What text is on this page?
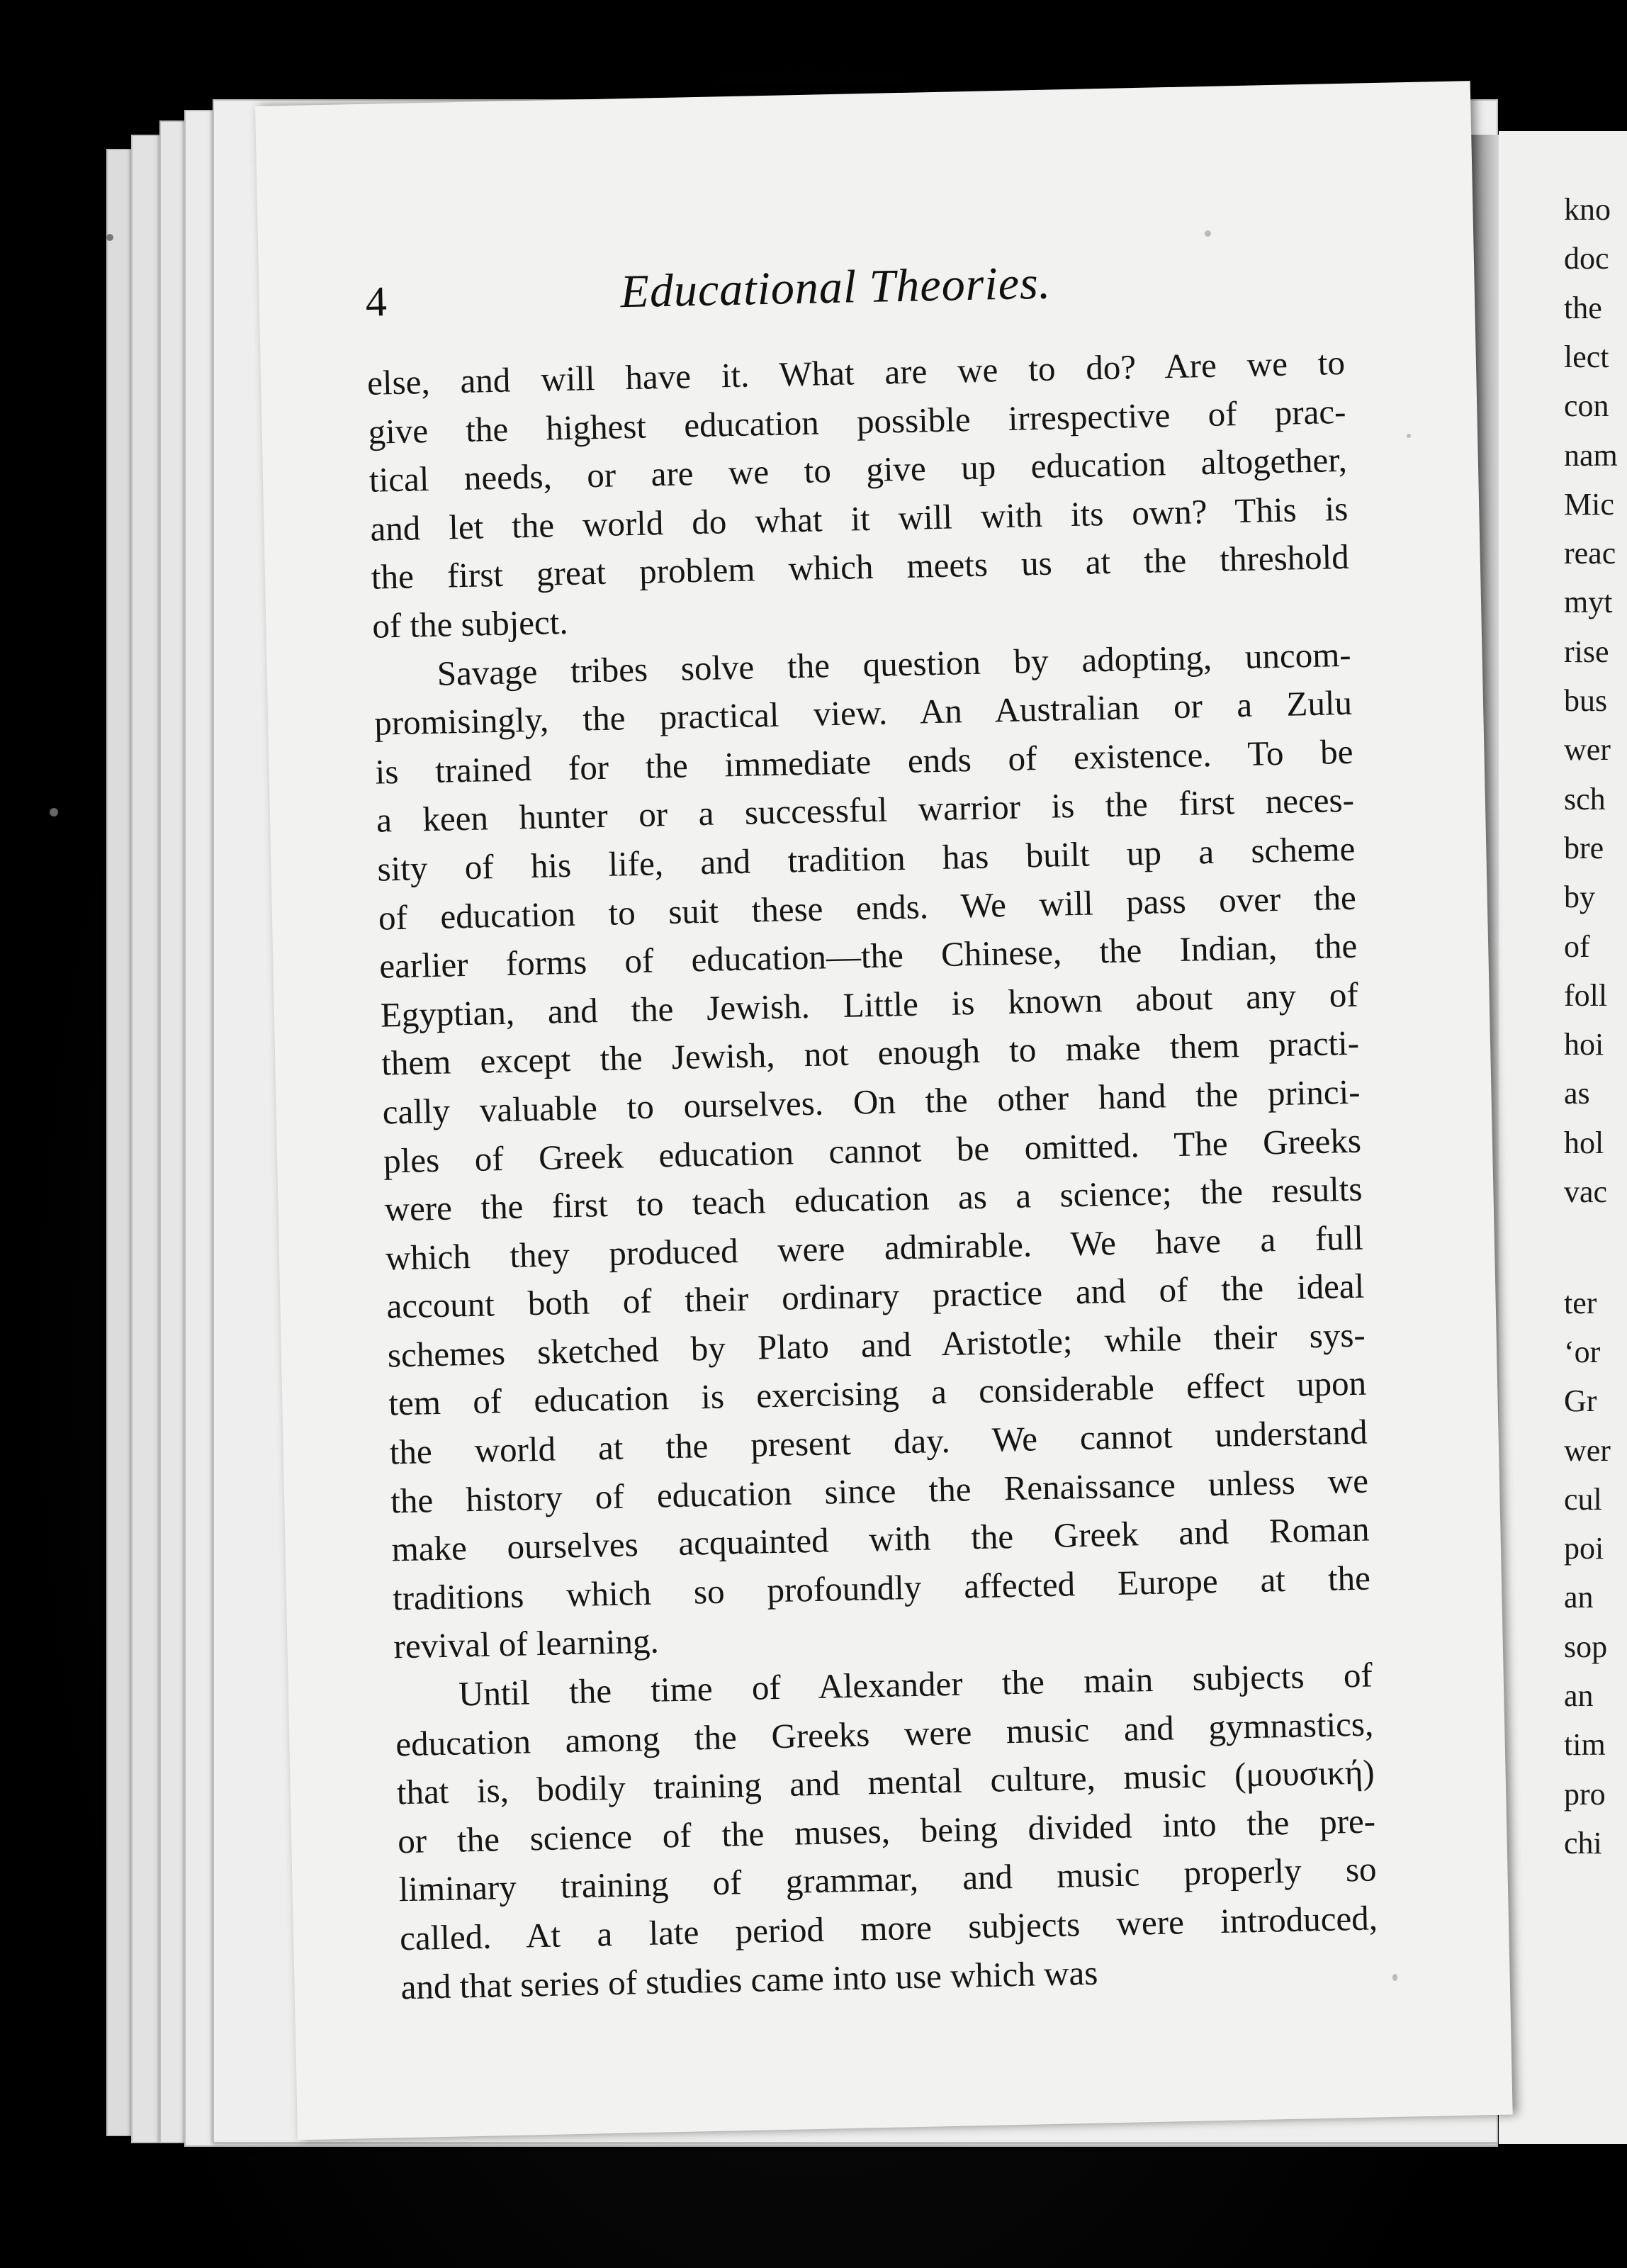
kno
doc
the
lect
con
nam
Mic
reac
myt
rise
bus
wer
sch
bre
by
of
foll
hoi
as
hol
vac
ter
‘or
Gr
wer
cul
poi
an
sop
an
tim
pro
chi
4	Educational Theories.
else, and will have it. What are we to do? Are we to
give the highest education possible irrespective of prac-
tical needs, or are we to give up education altogether,
and let the world do what it will with its own? This is
the first great problem which meets us at the threshold
of the subject.
Savage tribes solve the question by adopting, uncom-
promisingly, the practical view. An Australian or a Zulu
is trained for the immediate ends of existence. To be
a keen hunter or a successful warrior is the first neces-
sity of his life, and tradition has built up a scheme
of education to suit these ends. We will pass over the
earlier forms of education—the Chinese, the Indian, the
Egyptian, and the Jewish. Little is known about any of
them except the Jewish, not enough to make them practi-
cally valuable to ourselves. On the other hand the princi-
ples of Greek education cannot be omitted. The Greeks
were the first to teach education as a science; the results
which they produced were admirable. We have a full
account both of their ordinary practice and of the ideal
schemes sketched by Plato and Aristotle; while their sys-
tem of education is exercising a considerable effect upon
the world at the present day. We cannot understand
the history of education since the Renaissance unless we
make ourselves acquainted with the Greek and Roman
traditions which so profoundly affected Europe at the
revival of learning.
Until the time of Alexander the main subjects of
education among the Greeks were music and gymnastics,
that is, bodily training and mental culture, music (μουσική)
or the science of the muses, being divided into the pre-
liminary training of grammar, and music properly so
called. At a late period more subjects were introduced,
and that series of studies came into use which was
